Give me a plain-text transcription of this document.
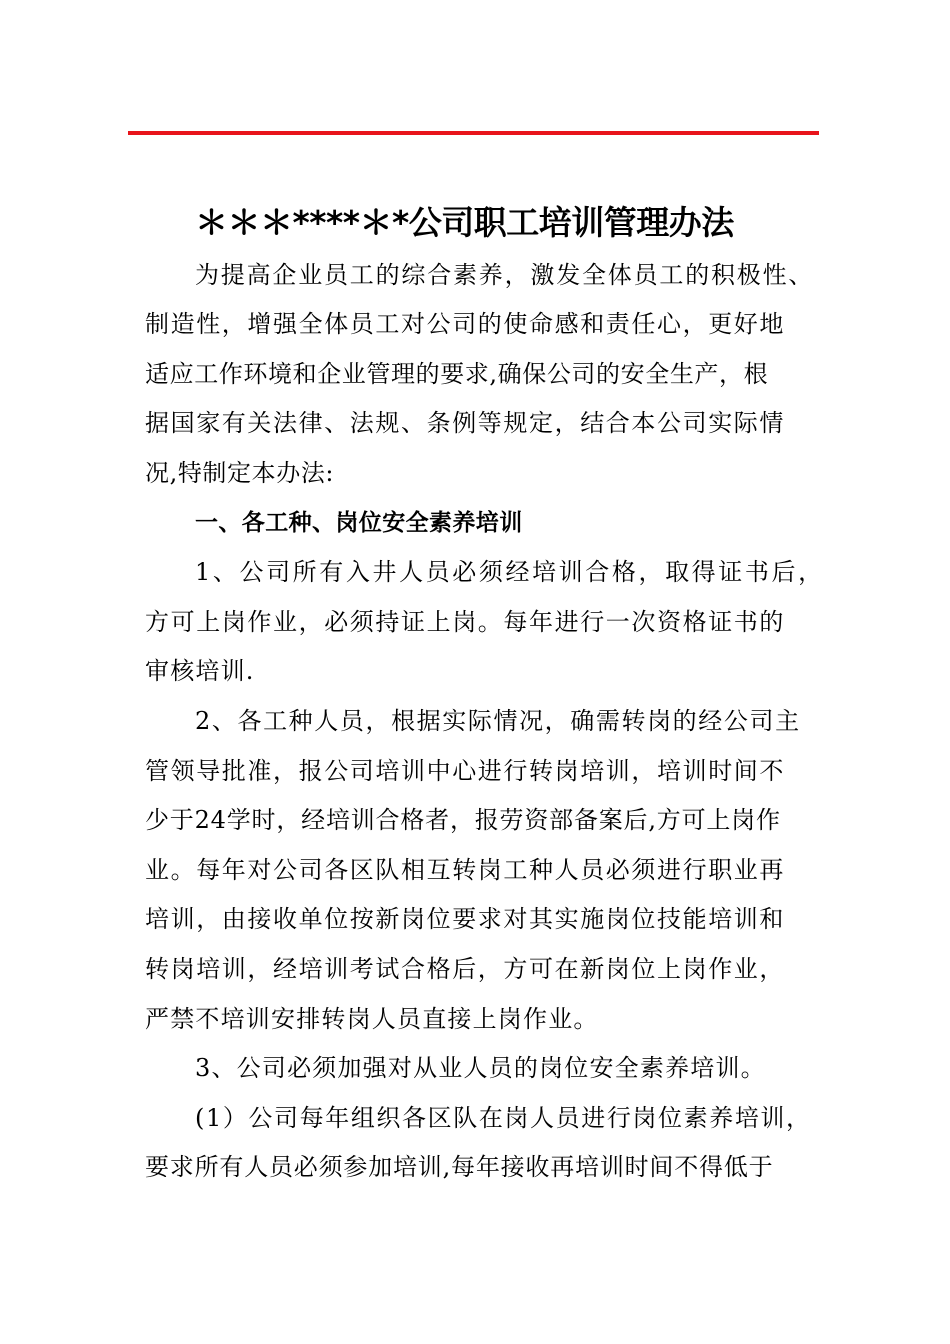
＊＊＊****＊*公司职工培训管理办法
为提高企业员工的综合素养，激发全体员工的积极性、
制造性，增强全体员工对公司的使命感和责任心，更好地
适应工作环境和企业管理的要求,确保公司的安全生产，根
据国家有关法律、法规、条例等规定，结合本公司实际情
况,特制定本办法:
一、各工种、岗位安全素养培训
1、公司所有入井人员必须经培训合格，取得证书后，
方可上岗作业，必须持证上岗。每年进行一次资格证书的
审核培训.
2、各工种人员，根据实际情况，确需转岗的经公司主
管领导批准，报公司培训中心进行转岗培训，培训时间不
少于24学时，经培训合格者，报劳资部备案后,方可上岗作
业。每年对公司各区队相互转岗工种人员必须进行职业再
培训，由接收单位按新岗位要求对其实施岗位技能培训和
转岗培训，经培训考试合格后，方可在新岗位上岗作业，
严禁不培训安排转岗人员直接上岗作业。
3、公司必须加强对从业人员的岗位安全素养培训。
(1）公司每年组织各区队在岗人员进行岗位素养培训，
要求所有人员必须参加培训,每年接收再培训时间不得低于
